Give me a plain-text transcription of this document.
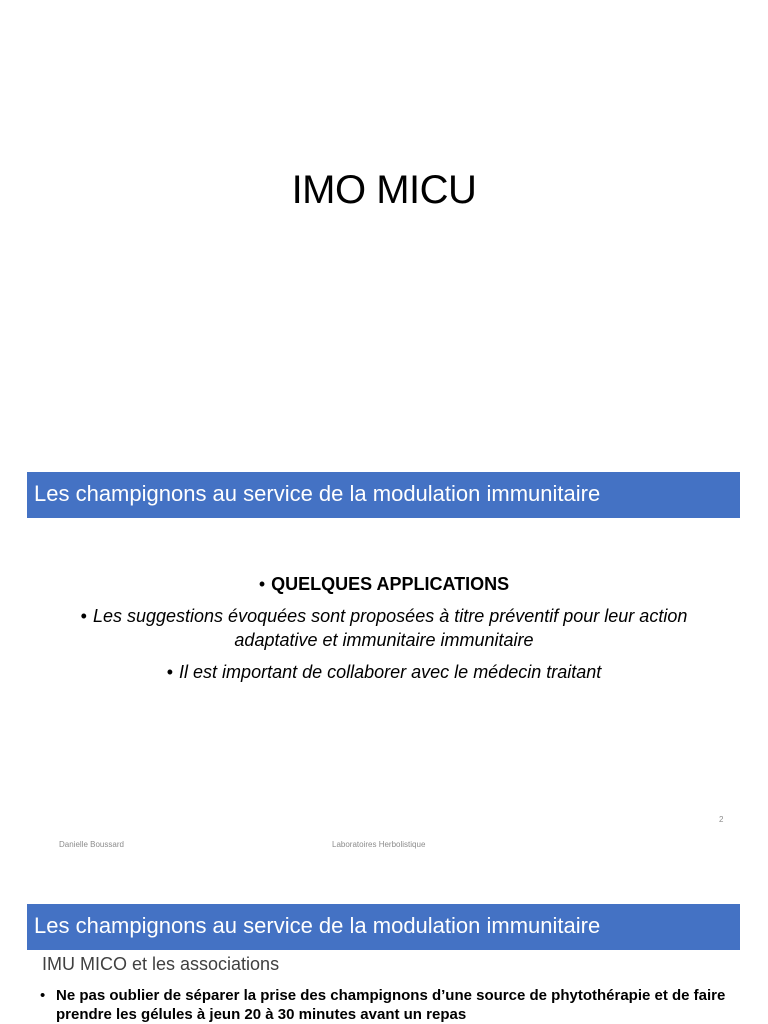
IMO MICU
Les champignons au service de la modulation immunitaire
• QUELQUES APPLICATIONS
• Les suggestions évoquées sont proposées à titre préventif pour leur action adaptative et immunitaire immunitaire
• Il est important de collaborer avec le médecin traitant
2
Danielle Boussard	Laboratoires Herbolistique
Les champignons au service de la modulation immunitaire
IMU MICO et les associations
• Ne pas oublier de séparer la prise des champignons d’une source de phytothérapie et de faire prendre les gélules à jeun 20 à 30 minutes avant un repas
